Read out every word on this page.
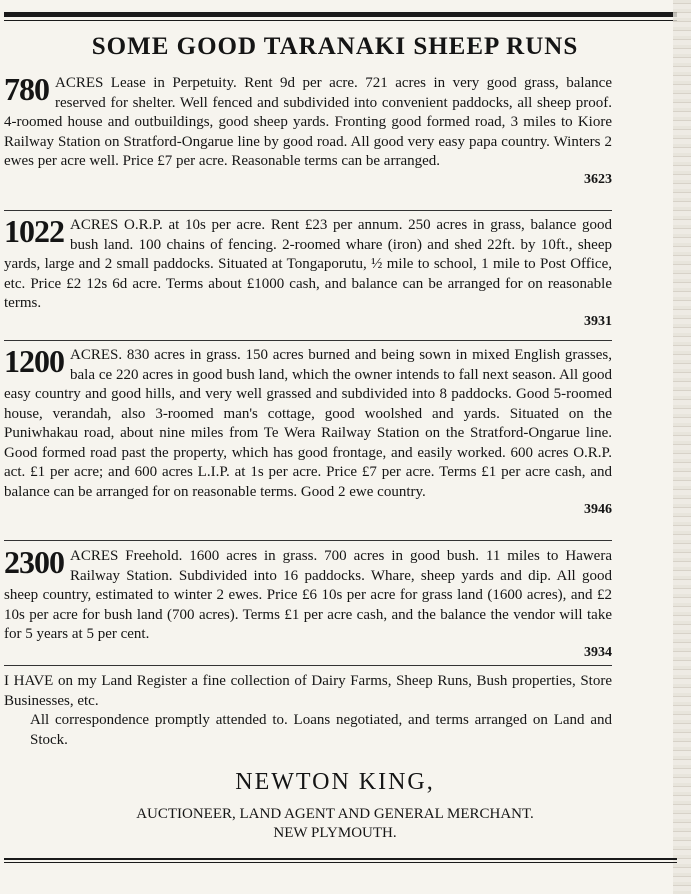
SOME GOOD TARANAKI SHEEP RUNS
780 ACRES Lease in Perpetuity. Rent 9d per acre. 721 acres in very good grass, balance reserved for shelter. Well fenced and subdivided into convenient paddocks, all sheep proof. 4-roomed house and outbuildings, good sheep yards. Fronting good formed road, 3 miles to Kiore Railway Station on Stratford-Ongarue line by good road. All good very easy papa country. Winters 2 ewes per acre well. Price £7 per acre. Reasonable terms can be arranged.

3623
1022 ACRES O.R.P. at 10s per acre. Rent £23 per annum. 250 acres in grass, balance good bush land. 100 chains of fencing. 2-roomed whare (iron) and shed 22ft. by 10ft., sheep yards, large and 2 small paddocks. Situated at Tongaporutu, ½ mile to school, 1 mile to Post Office, etc. Price £2 12s 6d acre. Terms about £1000 cash, and balance can be arranged for on reasonable terms.

3931
1200 ACRES. 830 acres in grass. 150 acres burned and being sown in mixed English grasses, bala ce 220 acres in good bush land, which the owner intends to fall next season. All good easy country and good hills, and very well grassed and subdivided into 8 paddocks. Good 5-roomed house, verandah, also 3-roomed man's cottage, good woolshed and yards. Situated on the Puniwhakau road, about nine miles from Te Wera Railway Station on the Stratford-Ongarue line. Good formed road past the property, which has good frontage, and easily worked. 600 acres O.R.P. act. £1 per acre; and 600 acres L.I.P. at 1s per acre. Price £7 per acre. Terms £1 per acre cash, and balance can be arranged for on reasonable terms. Good 2 ewe country.

3946
2300 ACRES Freehold. 1600 acres in grass. 700 acres in good bush. 11 miles to Hawera Railway Station. Subdivided into 16 paddocks. Whare, sheep yards and dip. All good sheep country, estimated to winter 2 ewes. Price £6 10s per acre for grass land (1600 acres), and £2 10s per acre for bush land (700 acres). Terms £1 per acre cash, and the balance the vendor will take for 5 years at 5 per cent.

3934

I HAVE on my Land Register a fine collection of Dairy Farms, Sheep Runs, Bush properties, Store Businesses, etc.

All correspondence promptly attended to. Loans negotiated, and terms arranged on Land and Stock.

NEWTON KING,
AUCTIONEER, LAND AGENT AND GENERAL MERCHANT.
NEW PLYMOUTH.
